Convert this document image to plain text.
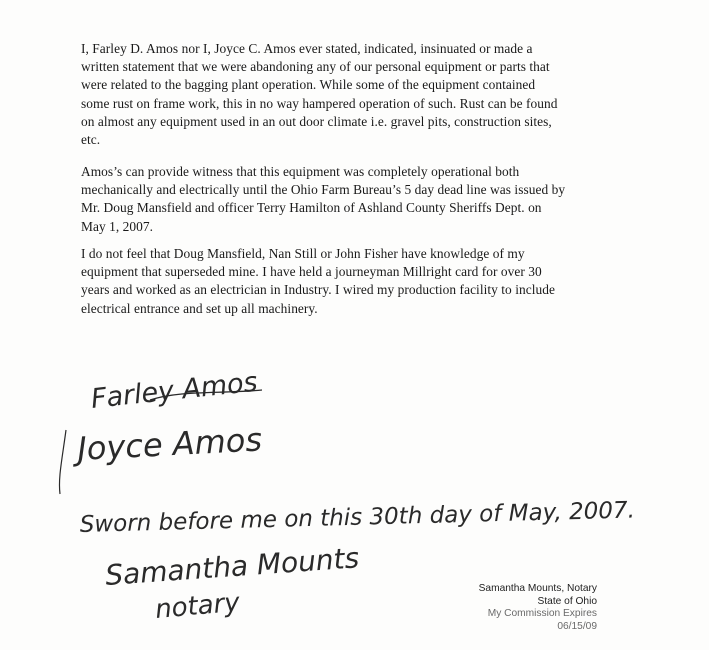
I, Farley D. Amos nor I, Joyce C. Amos ever stated, indicated, insinuated or made a
written statement that we were abandoning any of our personal equipment or parts that
were related to the bagging plant operation. While some of the equipment contained
some rust on frame work, this in no way hampered operation of such. Rust can be found
on almost any equipment used in an out door climate i.e. gravel pits, construction sites,
etc.

Amos’s can provide witness that this equipment was completely operational both
mechanically and electrically until the Ohio Farm Bureau’s 5 day dead line was issued by
Mr. Doug Mansfield and officer Terry Hamilton of Ashland County Sheriffs Dept. on
May 1, 2007.

I do not feel that Doug Mansfield, Nan Still or John Fisher have knowledge of my
equipment that superseded mine. I have held a journeyman Millright card for over 30
years and worked as an electrician in Industry. I wired my production facility to include
electrical entrance and set up all machinery.

Farley Amos
Joyce Amos
Sworn before me on this 30th day of May, 2007.
Samantha Mounts
notary	Samantha Mounts, Notary
State of Ohio
My Commission Expires 06/15/09
